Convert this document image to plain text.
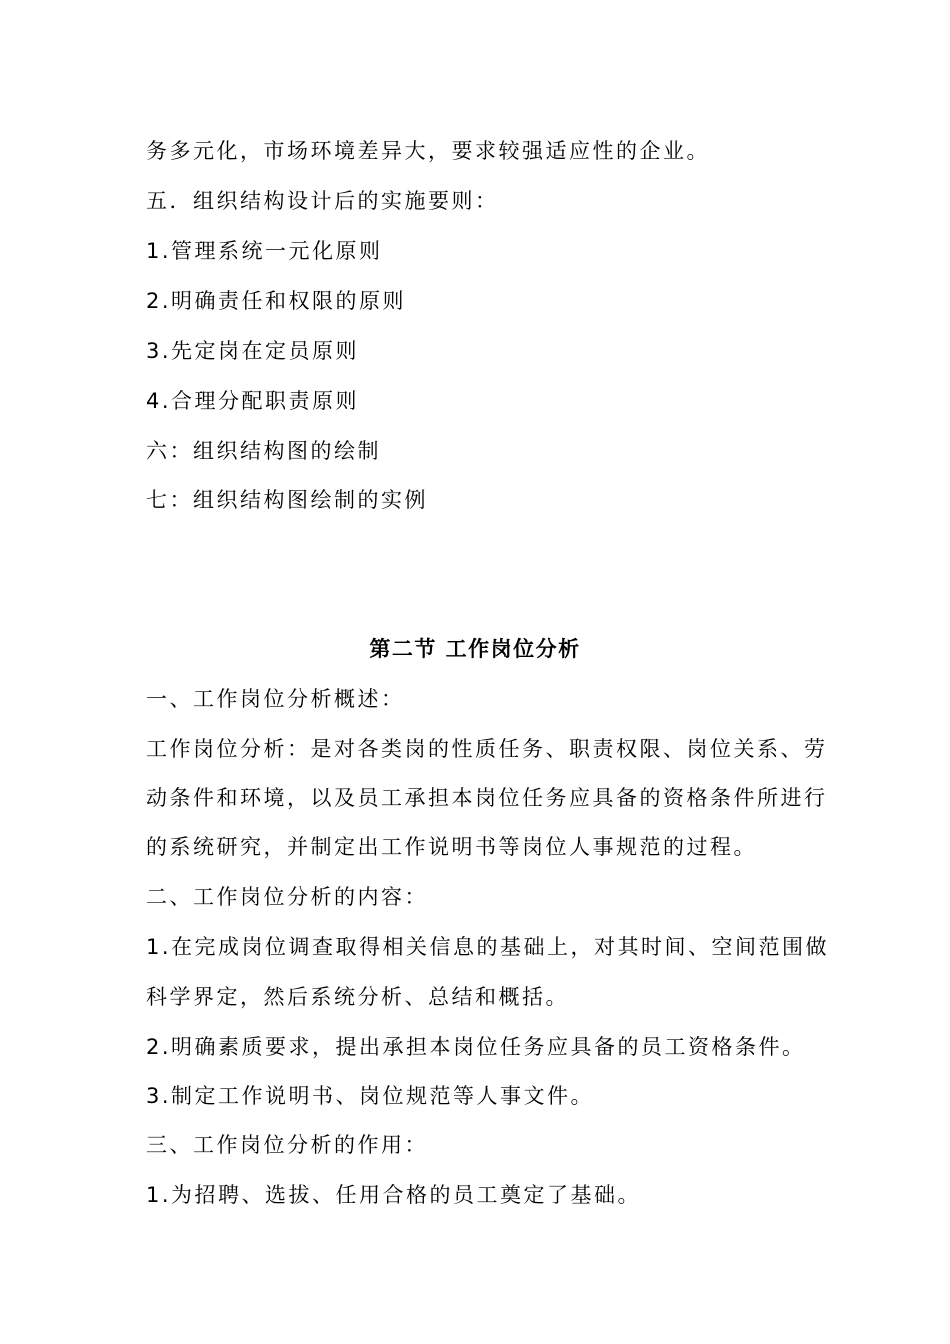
务多元化，市场环境差异大，要求较强适应性的企业。
五．组织结构设计后的实施要则：
1.管理系统一元化原则
2.明确责任和权限的原则
3.先定岗在定员原则
4.合理分配职责原则
六：组织结构图的绘制
七：组织结构图绘制的实例
第二节 工作岗位分析
一、工作岗位分析概述：
工作岗位分析：是对各类岗的性质任务、职责权限、岗位关系、劳
动条件和环境，以及员工承担本岗位任务应具备的资格条件所进行
的系统研究，并制定出工作说明书等岗位人事规范的过程。
二、工作岗位分析的内容：
1.在完成岗位调查取得相关信息的基础上，对其时间、空间范围做
科学界定，然后系统分析、总结和概括。
2.明确素质要求，提出承担本岗位任务应具备的员工资格条件。
3.制定工作说明书、岗位规范等人事文件。
三、工作岗位分析的作用：
1.为招聘、选拔、任用合格的员工奠定了基础。
